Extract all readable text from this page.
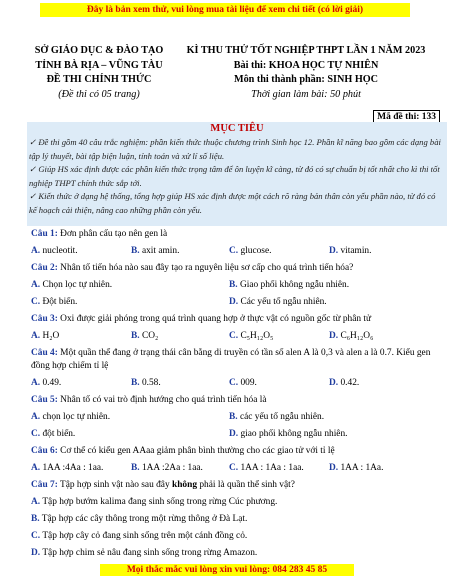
Đây là bản xem thử, vui lòng mua tài liệu để xem chi tiết (có lời giải)
SỞ GIÁO DỤC & ĐÀO TẠO
TỈNH BÀ RỊA – VŨNG TÀU
ĐỀ THI CHÍNH THỨC
(Đề thi có 05 trang)
KÌ THU THỬ TỐT NGHIỆP THPT LẦN 1 NĂM 2023
Bài thi: KHOA HỌC TỰ NHIÊN
Môn thi thành phần: SINH HỌC
Thời gian làm bài: 50 phút
Mã đề thi: 133
MỤC TIÊU
✓ Đề thi gồm 40 câu trắc nghiệm: phần kiến thức thuộc chương trình Sinh học 12. Phần kĩ năng bao gồm các dạng bài tập lý thuyết, bài tập biện luận, tính toán và xử lí số liệu.
✓ Giúp HS xác định được các phần kiến thức trọng tâm để ôn luyện kĩ càng, từ đó có sự chuẩn bị tốt nhất cho kì thi tốt nghiệp THPT chính thức sắp tới.
✓ Kiến thức ở dạng hệ thống, tổng hợp giúp HS xác định được một cách rõ ràng bản thân còn yếu phần nào, từ đó có kế hoạch cải thiện, nâng cao những phần còn yếu.
Câu 1: Đơn phân cấu tạo nên gen là
A. nucleotit.	B. axit amin.	C. glucose.	D. vitamin.
Câu 2: Nhân tố tiến hóa nào sau đây tạo ra nguyên liệu sơ cấp cho quá trình tiến hóa?
A. Chọn lọc tự nhiên.	B. Giao phối không ngẫu nhiên.
C. Đột biến.	D. Các yếu tố ngẫu nhiên.
Câu 3: Oxi được giải phóng trong quá trình quang hợp ở thực vật có nguồn gốc từ phân tử
A. H₂O	B. CO₂	C. C₅H₁₂O₅	D. C₆H₁₂O₆
Câu 4: Một quần thể đang ở trạng thái cân bằng di truyền có tần số alen A là 0,3 và alen a là 0.7. Kiểu gen đồng hợp chiếm tỉ lệ
A. 0.49.	B. 0.58.	C. 009.	D. 0.42.
Câu 5: Nhân tố có vai trò định hướng cho quá trình tiến hóa là
A. chọn lọc tự nhiên.	B. các yếu tố ngẫu nhiên.
C. đột biến.	D. giao phối không ngẫu nhiên.
Câu 6: Cơ thể có kiểu gen AAaa giảm phân bình thường cho các giao tử với tỉ lệ
A. 1AA :4Aa : 1aa.	B. 1AA :2Aa : 1aa.	C. 1AA : 1Aa : 1aa.	D. 1AA : 1Aa.
Câu 7: Tập hợp sinh vật nào sau đây không phải là quần thể sinh vật?
A. Tập hợp bướm kalima đang sinh sống trong rừng Cúc phương.
B. Tập hợp các cây thông trong một rừng thông ở Đà Lạt.
C. Tập hợp cây cỏ đang sinh sống trên một cánh đồng cỏ.
D. Tập hợp chim sẻ nâu đang sinh sống trong rừng Amazon.
Mọi thắc mắc vui lòng xin vui lòng: 084 283 45 85
